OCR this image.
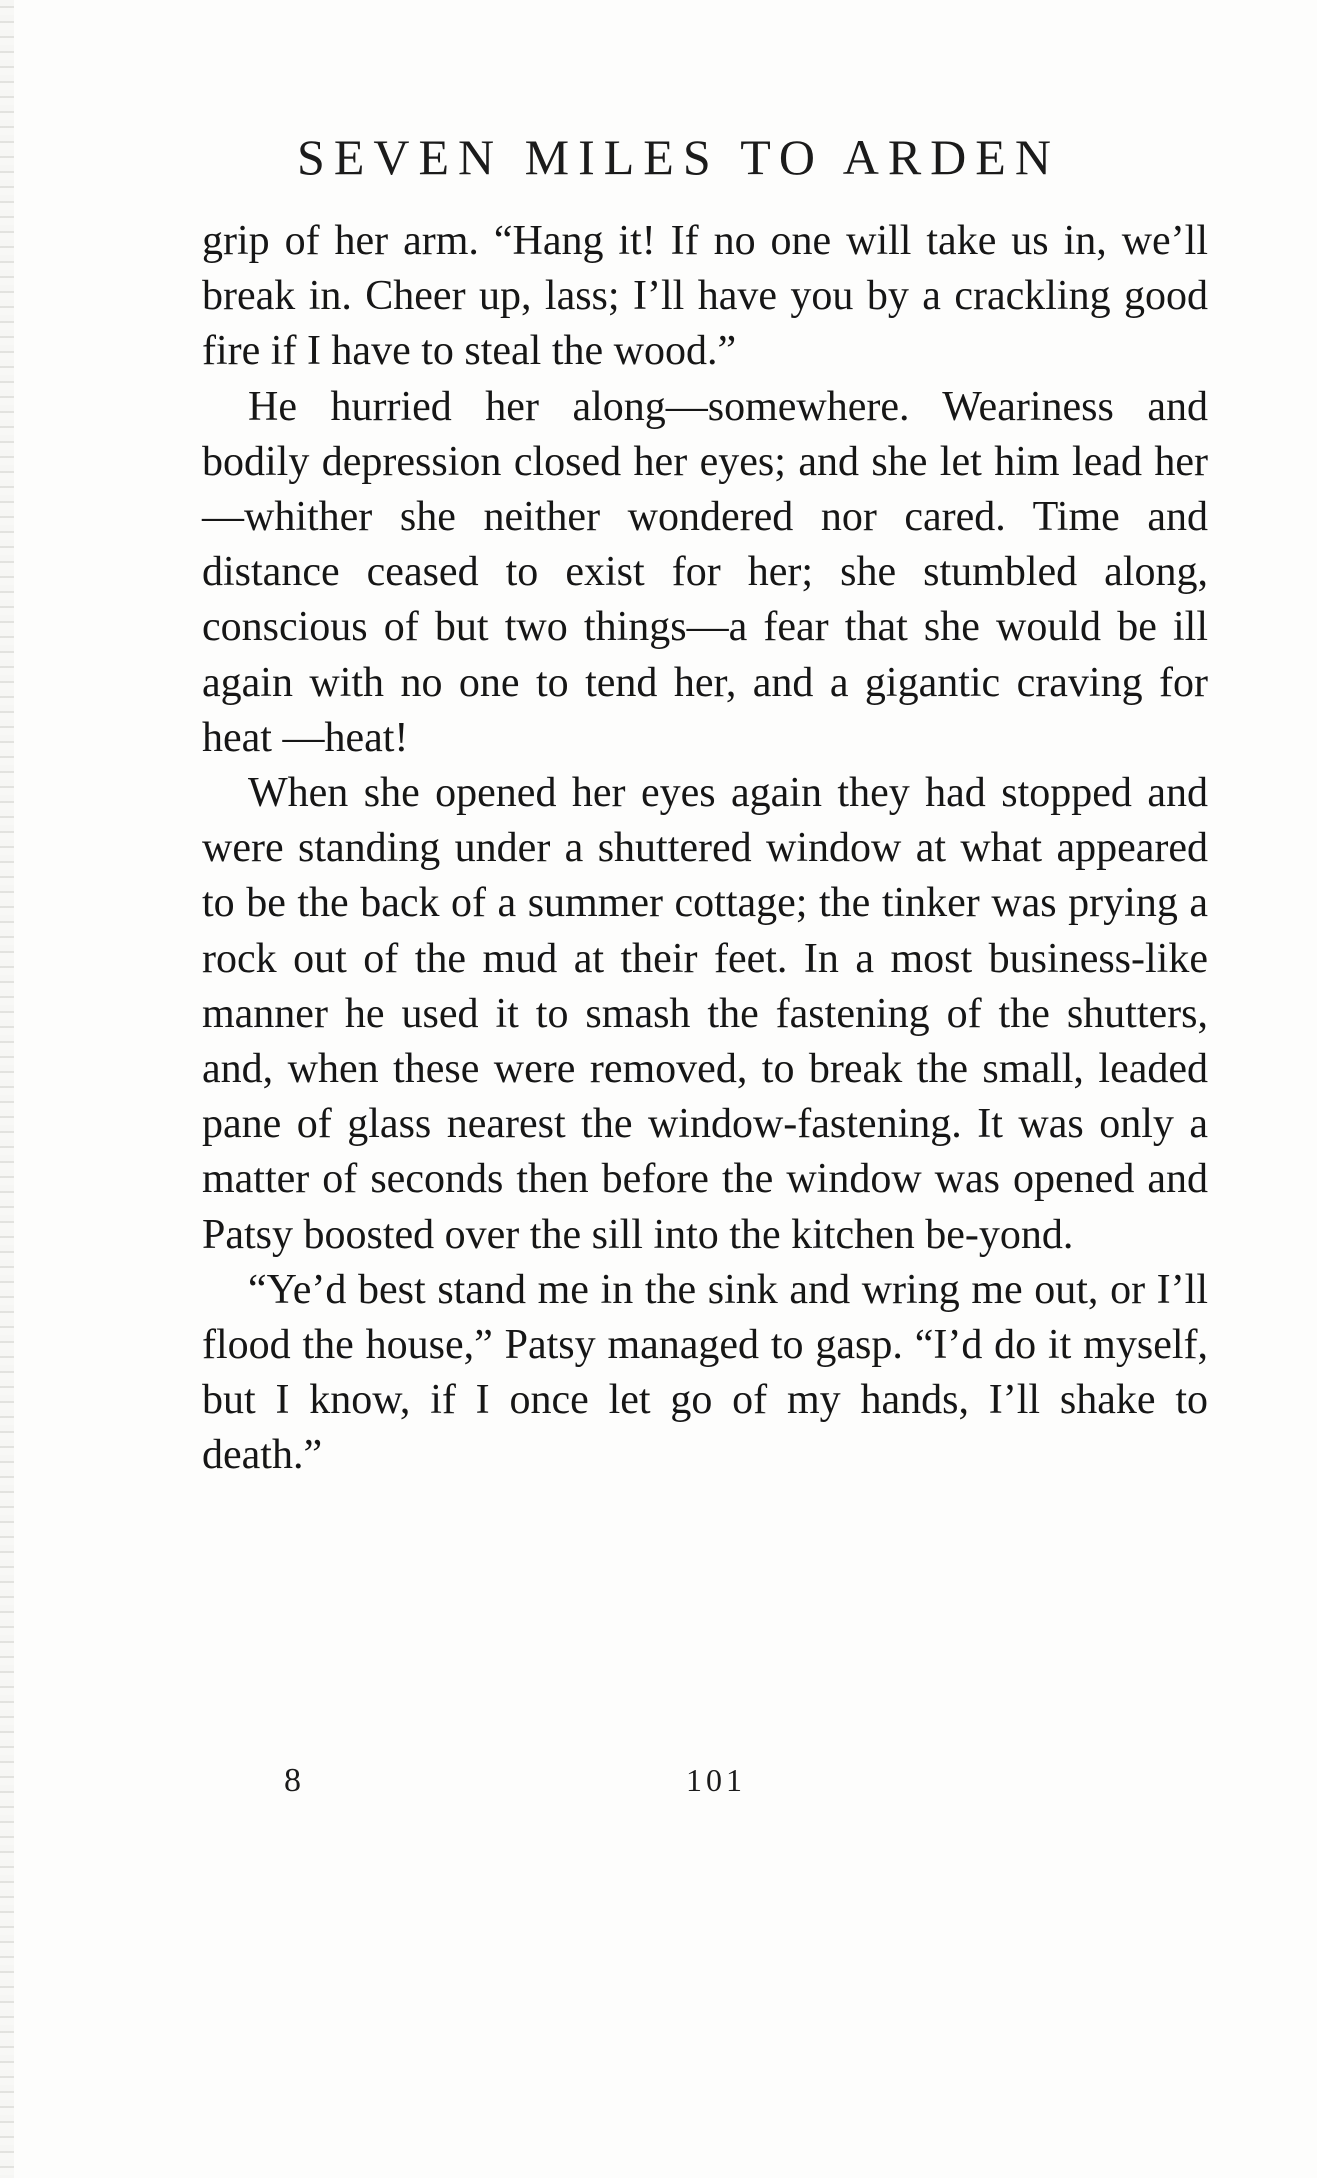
SEVEN MILES TO ARDEN

grip of her arm. “Hang it! If no one will take us in, we’ll break in. Cheer up, lass; I’ll have you by a crackling good fire if I have to steal the wood.”

He hurried her along—somewhere. Weariness and bodily depression closed her eyes; and she let him lead her—whither she neither wondered nor cared. Time and distance ceased to exist for her; she stumbled along, conscious of but two things—a fear that she would be ill again with no one to tend her, and a gigantic craving for heat —heat!

When she opened her eyes again they had stopped and were standing under a shuttered window at what appeared to be the back of a summer cottage; the tinker was prying a rock out of the mud at their feet. In a most business-like manner he used it to smash the fastening of the shutters, and, when these were removed, to break the small, leaded pane of glass nearest the window-fastening. It was only a matter of seconds then before the window was opened and Patsy boosted over the sill into the kitchen be-yond.

“Ye’d best stand me in the sink and wring me out, or I’ll flood the house,” Patsy managed to gasp. “I’d do it myself, but I know, if I once let go of my hands, I’ll shake to death.”

8	101
